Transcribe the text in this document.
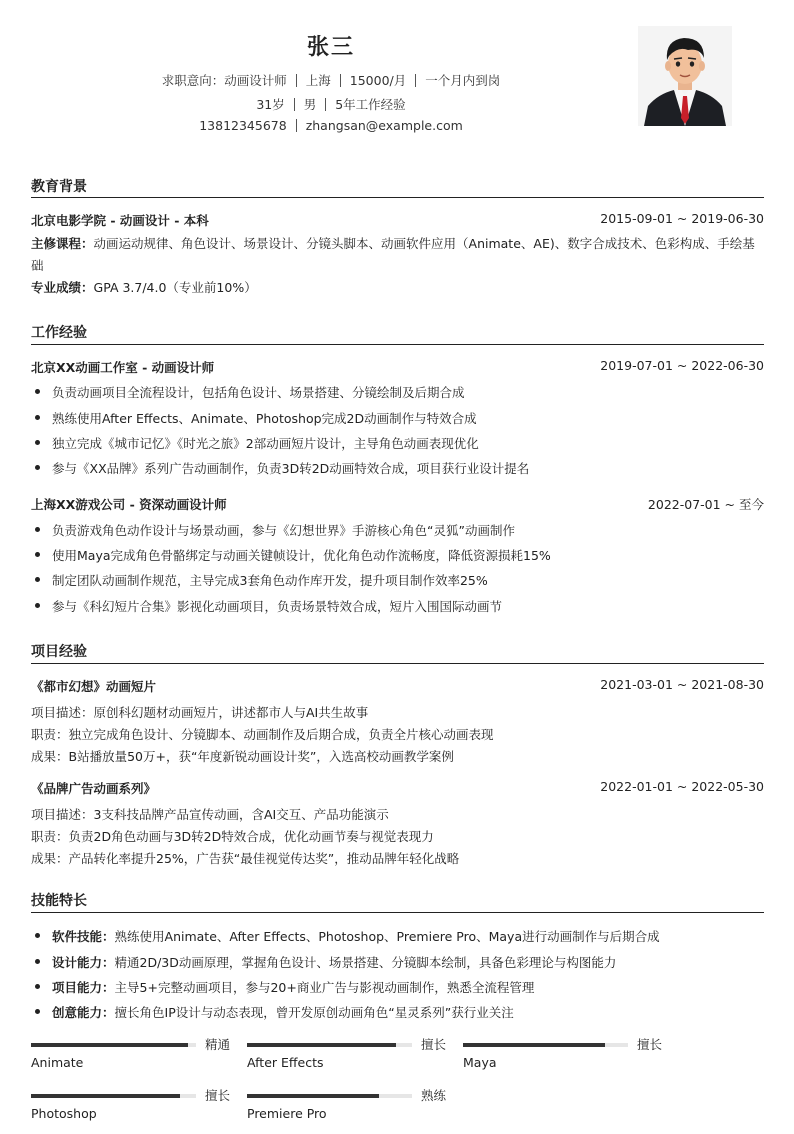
张三
求职意向：动画设计师 上海 15000/月 一个月内到岗
31岁 男 5年工作经验
13812345678 zhangsan@example.com
教育背景
北京电影学院 - 动画设计 - 本科	2015-09-01 ~ 2019-06-30
主修课程：动画运动规律、角色设计、场景设计、分镜头脚本、动画软件应用（Animate、AE)、数字合成技术、色彩构成、手绘基础
专业成绩：GPA 3.7/4.0（专业前10%）
工作经验
北京XX动画工作室 - 动画设计师	2019-07-01 ~ 2022-06-30
负责动画项目全流程设计，包括角色设计、场景搭建、分镜绘制及后期合成
熟练使用After Effects、Animate、Photoshop完成2D动画制作与特效合成
独立完成《城市记忆》《时光之旅》2部动画短片设计，主导角色动画表现优化
参与《XX品牌》系列广告动画制作，负责3D转2D动画特效合成，项目获行业设计提名
上海XX游戏公司 - 资深动画设计师	2022-07-01 ~ 至今
负责游戏角色动作设计与场景动画，参与《幻想世界》手游核心角色“灵狐”动画制作
使用Maya完成角色骨骼绑定与动画关键帧设计，优化角色动作流畅度，降低资源损耗15%
制定团队动画制作规范，主导完成3套角色动作库开发，提升项目制作效率25%
参与《科幻短片合集》影视化动画项目，负责场景特效合成，短片入围国际动画节
项目经验
《都市幻想》动画短片	2021-03-01 ~ 2021-08-30
项目描述：原创科幻题材动画短片，讲述都市人与AI共生故事
职责：独立完成角色设计、分镜脚本、动画制作及后期合成，负责全片核心动画表现
成果：B站播放量50万+，获“年度新锐动画设计奖”，入选高校动画教学案例
《品牌广告动画系列》	2022-01-01 ~ 2022-05-30
项目描述：3支科技品牌产品宣传动画，含AI交互、产品功能演示
职责：负责2D角色动画与3D转2D特效合成，优化动画节奏与视觉表现力
成果：产品转化率提升25%，广告获“最佳视觉传达奖”，推动品牌年轻化战略
技能特长
软件技能：熟练使用Animate、After Effects、Photoshop、Premiere Pro、Maya进行动画制作与后期合成
设计能力：精通2D/3D动画原理，掌握角色设计、场景搭建、分镜脚本绘制，具备色彩理论与构图能力
项目能力：主导5+完整动画项目，参与20+商业广告与影视动画制作，熟悉全流程管理
创意能力：擅长角色IP设计与动态表现，曾开发原创动画角色“星灵系列”获行业关注
精通
Animate
擅长
After Effects
擅长
Maya
擅长
Photoshop
熟练
Premiere Pro
